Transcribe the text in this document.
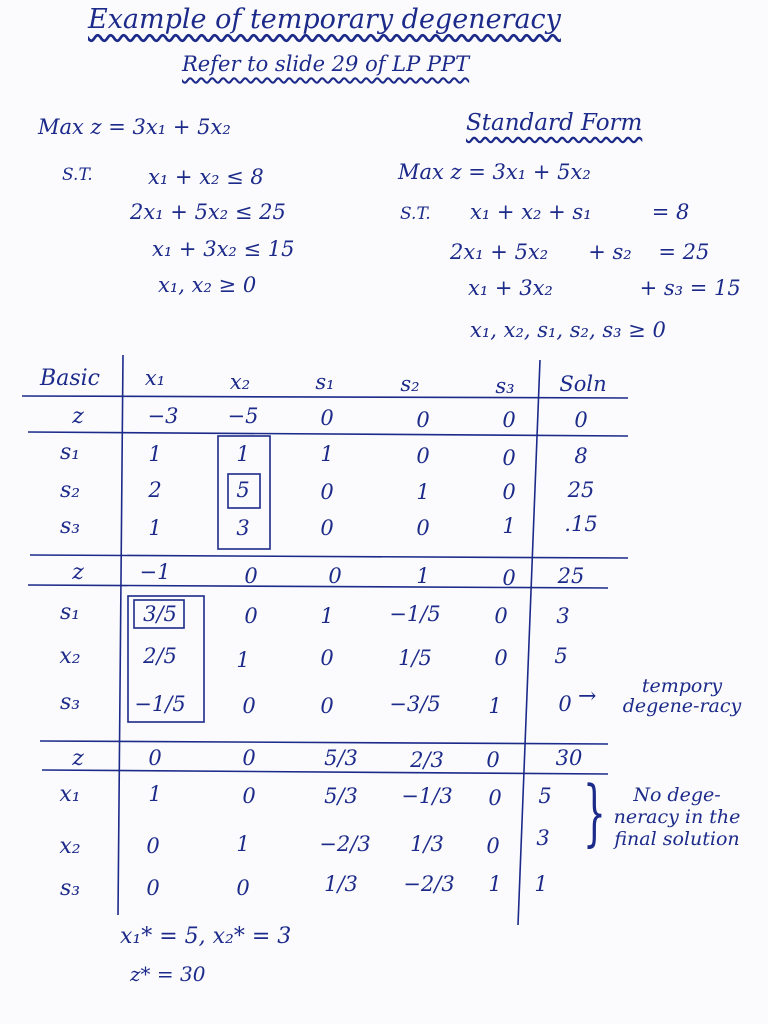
Example of temporary degeneracy
Refer to slide 29 of LP PPT
Max z = 3x₁ + 5x₂
S.T.	x₁ + x₂ ≤ 8
2x₁ + 5x₂ ≤ 25
x₁ + 3x₂ ≤ 15
x₁, x₂ ≥ 0
Standard Form
Max z = 3x₁ + 5x₂
S.T. x₁ + x₂ + s₁         = 8
2x₁ + 5x₂      + s₂    = 25
x₁ + 3x₂             + s₃ = 15
x₁, x₂, s₁, s₂, s₃ ≥ 0
Basic	x₁	x₂	s₁	s₂	s₃	Soln
z	−3	−5	0	0	0	0
s₁	1	1	1	0	0	8
s₂	2	5	0	1	0	25
s₃	1	3	0	0	1	.15
z	−1	0	0	1	0	25
s₁	3/5	0	1	−1/5	0	3
x₂	2/5	1	0	1/5	0	5
s₃	−1/5	0	0	−3/5	1	0 →	tempory degene-racy
z	0	0	5/3	2/3	0	30
x₁	1	0	5/3	−1/3	0	5
x₂	0	1	−2/3	1/3	0	3
s₃	0	0	1/3	−2/3	1	1
}	No dege-neracy in the final solution
x₁* = 5, x₂* = 3
z* = 30
